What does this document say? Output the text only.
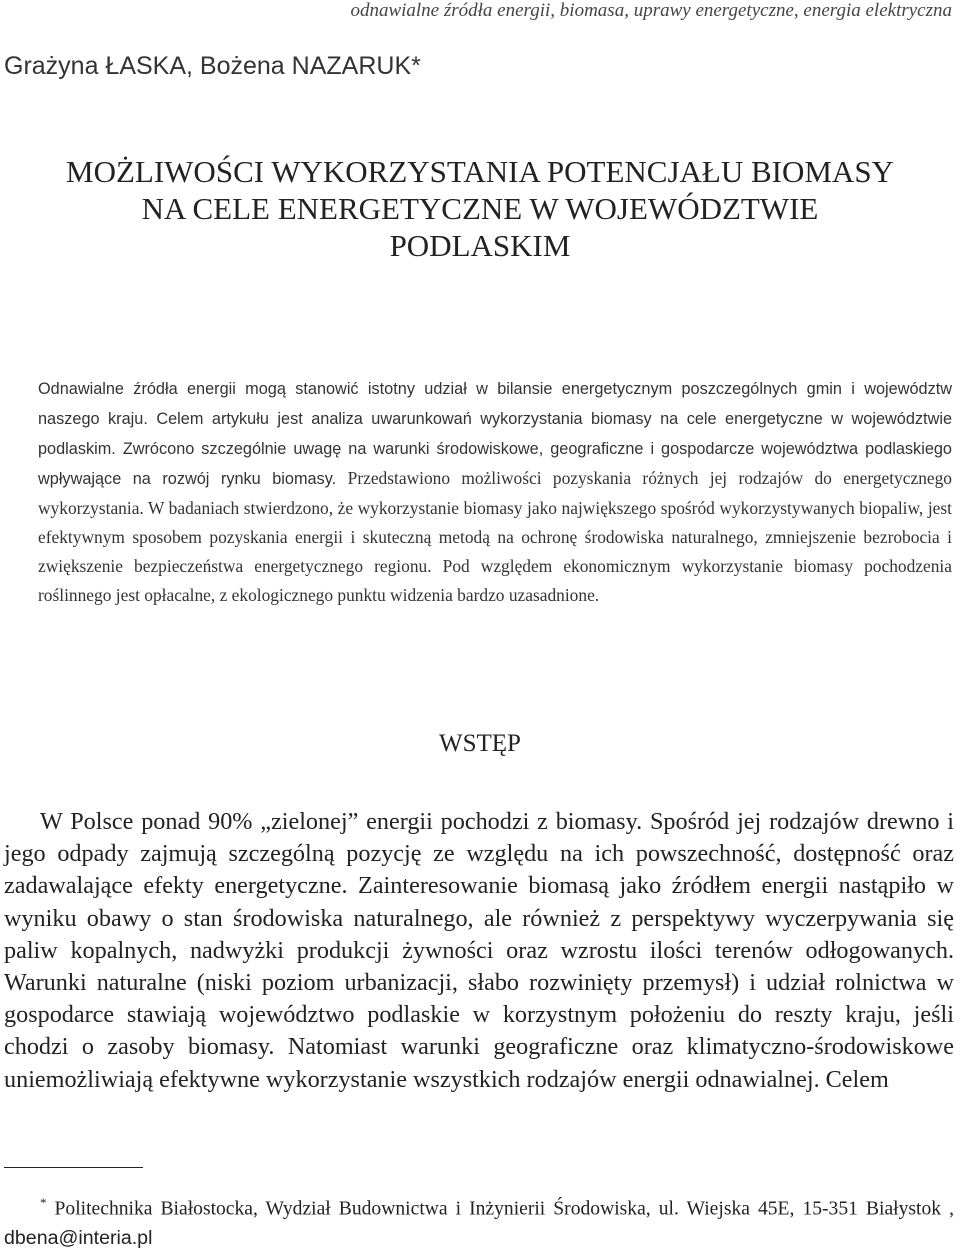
odnawialne źródła energii, biomasa, uprawy energetyczne, energia elektryczna
Grażyna ŁASKA, Bożena NAZARUK*
MOŻLIWOŚCI WYKORZYSTANIA POTENCJAŁU BIOMASY
NA CELE ENERGETYCZNE W WOJEWÓDZTWIE
PODLASKIM

Odnawialne źródła energii mogą stanowić istotny udział w bilansie energetycznym poszczególnych gmin i województw naszego kraju. Celem artykułu jest analiza uwarunkowań wykorzystania biomasy na cele energetyczne w województwie podlaskim. Zwrócono szczególnie uwagę na warunki środowiskowe, geograficzne i gospodarcze województwa podlaskiego wpływające na rozwój rynku biomasy. Przedstawiono możliwości pozyskania różnych jej rodzajów do energetycznego wykorzystania. W badaniach stwierdzono, że wykorzystanie biomasy jako największego spośród wykorzystywanych biopaliw, jest efektywnym sposobem pozyskania energii i skuteczną metodą na ochronę środowiska naturalnego, zmniejszenie bezrobocia i zwiększenie bezpieczeństwa energetycznego regionu. Pod względem ekonomicznym wykorzystanie biomasy pochodzenia roślinnego jest opłacalne, z ekologicznego punktu widzenia bardzo uzasadnione.

WSTĘP

W Polsce ponad 90% „zielonej” energii pochodzi z biomasy. Spośród jej rodzajów drewno i jego odpady zajmują szczególną pozycję ze względu na ich powszechność, dostępność oraz zadawalające efekty energetyczne. Zainteresowanie biomasą jako źródłem energii nastąpiło w wyniku obawy o stan środowiska naturalnego, ale również z perspektywy wyczerpywania się paliw kopalnych, nadwyżki produkcji żywności oraz wzrostu ilości terenów odłogowanych. Warunki naturalne (niski poziom urbanizacji, słabo rozwinięty przemysł) i udział rolnictwa w gospodarce stawiają województwo podlaskie w korzystnym położeniu do reszty kraju, jeśli chodzi o zasoby biomasy. Natomiast warunki geograficzne oraz klimatyczno-środowiskowe uniemożliwiają efektywne wykorzystanie wszystkich rodzajów energii odnawialnej. Celem

* Politechnika Białostocka, Wydział Budownictwa i Inżynierii Środowiska, ul. Wiejska 45E, 15-351 Białystok , dbena@interia.pl
